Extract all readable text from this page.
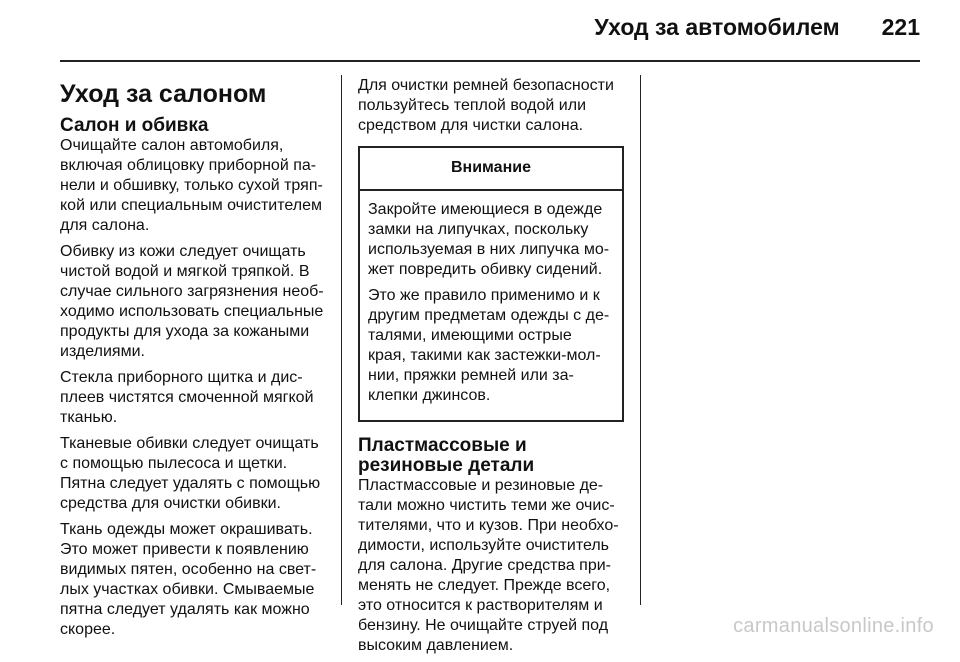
Уход за автомобилем 221
Уход за салоном
Салон и обивка

Очищайте салон автомобиля, включая облицовку приборной па-нели и обшивку, только сухой тряп-кой или специальным очистителем для салона.

Обивку из кожи следует очищать чистой водой и мягкой тряпкой. В случае сильного загрязнения необ-ходимо использовать специальные продукты для ухода за кожаными изделиями.

Стекла приборного щитка и дис-плеев чистятся смоченной мягкой тканью.

Тканевые обивки следует очищать с помощью пылесоса и щетки. Пятна следует удалять с помощью средства для очистки обивки.

Ткань одежды может окрашивать. Это может привести к появлению видимых пятен, особенно на свет-лых участках обивки. Смываемые пятна следует удалять как можно скорее.

Для очистки ремней безопасности пользуйтесь теплой водой или средством для чистки салона.

Внимание

Закройте имеющиеся в одежде замки на липучках, поскольку используемая в них липучка мо-жет повредить обивку сидений.

Это же правило применимо и к другим предметам одежды с де-талями, имеющими острые края, такими как застежки-мол-нии, пряжки ремней или за-клепки джинсов.

Пластмассовые и резиновые детали

Пластмассовые и резиновые де-тали можно чистить теми же очис-тителями, что и кузов. При необхо-димости, используйте очиститель для салона. Другие средства при-менять не следует. Прежде всего, это относится к растворителям и бензину. Не очищайте струей под высоким давлением.

carmanualsonline.info
